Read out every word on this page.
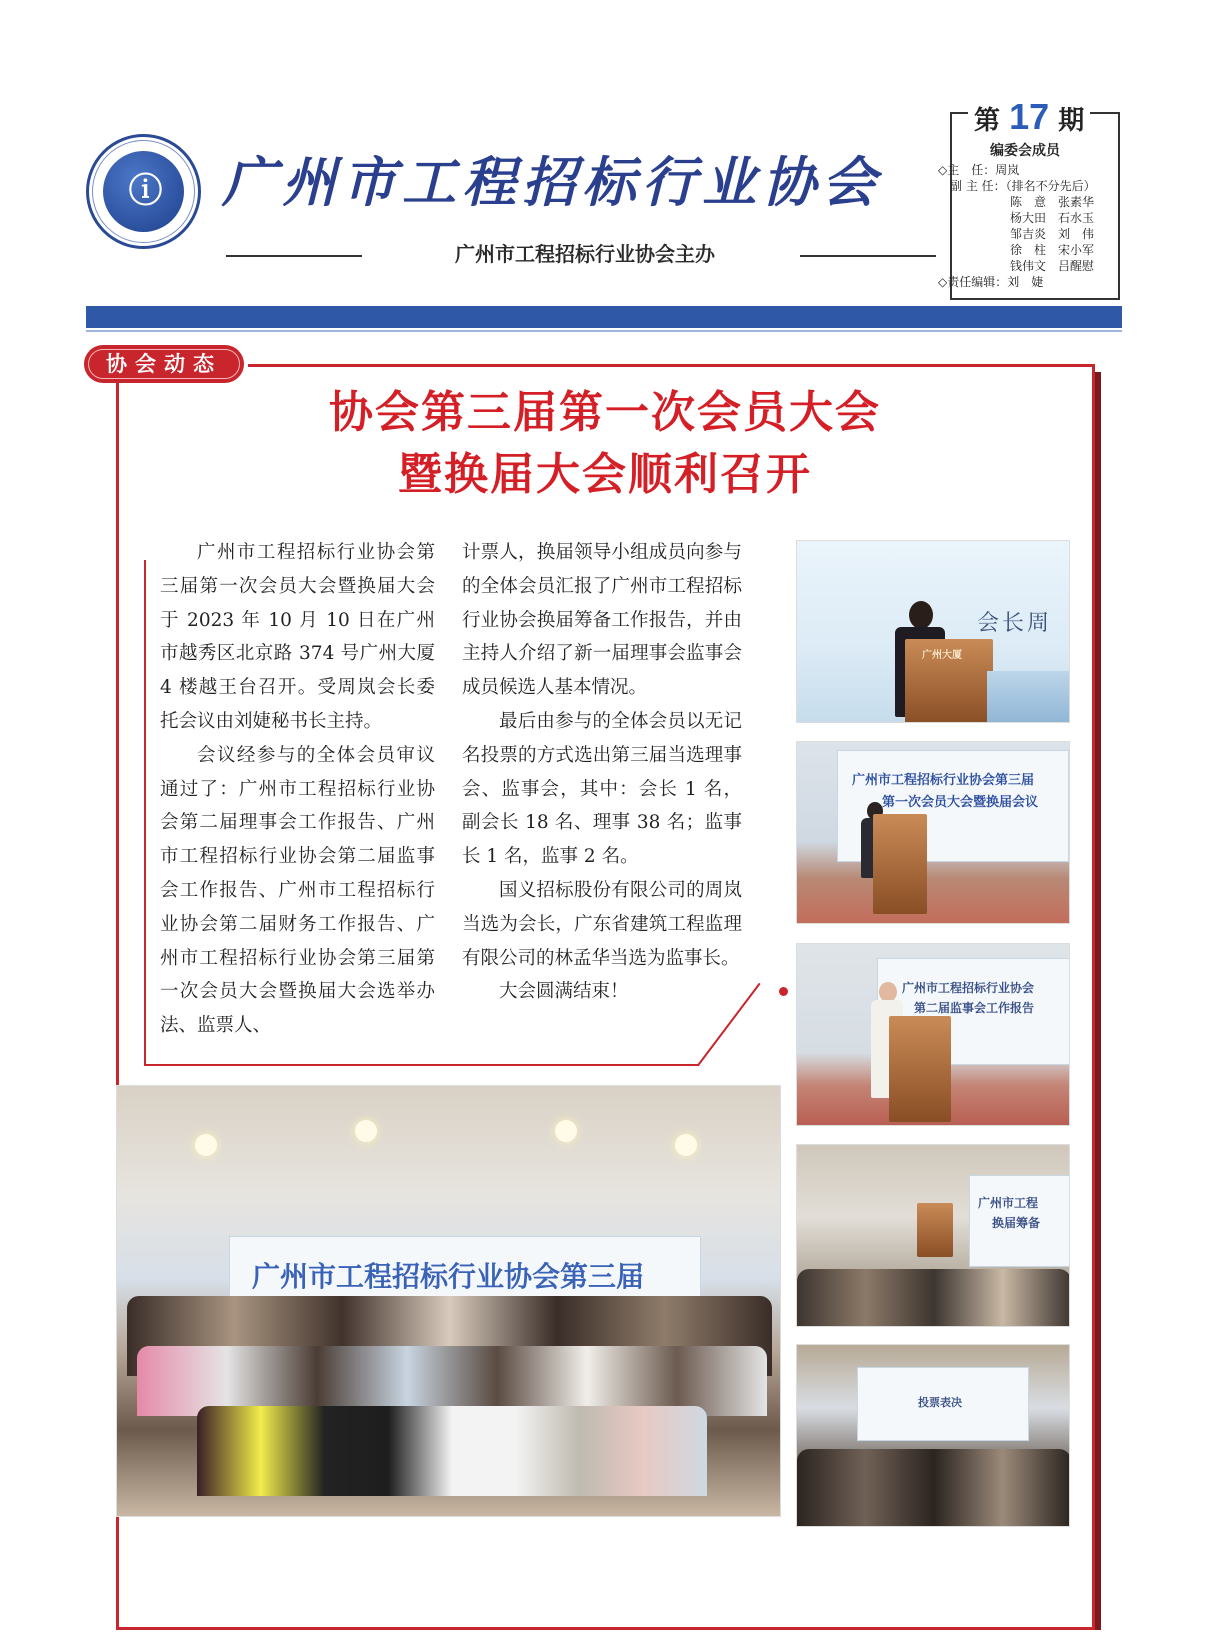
ⓘ	广州市工程招标行业协会
广州市工程招标行业协会主办
第 17 期
编委会成员
◇主　任：周岚
　副 主 任：（排名不分先后）
　　　　　　陈　意　张素华
　　　　　　杨大田　石水玉
　　　　　　邹吉炎　刘　伟
　　　　　　徐　柱　宋小军
　　　　　　钱伟文　吕醒慰
◇责任编辑：刘　婕
协会动态
协会第三届第一次会员大会
暨换届大会顺利召开

广州市工程招标行业协会第三届第一次会员大会暨换届大会于 2023 年 10 月 10 日在广州市越秀区北京路 374 号广州大厦 4 楼越王台召开。受周岚会长委托会议由刘婕秘书长主持。

会议经参与的全体会员审议通过了：广州市工程招标行业协会第二届理事会工作报告、广州市工程招标行业协会第二届监事会工作报告、广州市工程招标行业协会第二届财务工作报告、广州市工程招标行业协会第三届第一次会员大会暨换届大会选举办法、监票人、

计票人，换届领导小组成员向参与的全体会员汇报了广州市工程招标行业协会换届筹备工作报告，并由主持人介绍了新一届理事会监事会成员候选人基本情况。

最后由参与的全体会员以无记名投票的方式选出第三届当选理事会、监事会，其中：会长 1 名，副会长 18 名、理事 38 名；监事长 1 名，监事 2 名。

国义招标股份有限公司的周岚当选为会长，广东省建筑工程监理有限公司的林孟华当选为监事长。

大会圆满结束！

会长周
广州大厦
广州市工程招标行业协会第三届
第一次会员大会暨换届会议
广州市工程招标行业协会
第二届监事会工作报告
广州市工程
换届筹备
投票表决
广州市工程招标行业协会第三届
